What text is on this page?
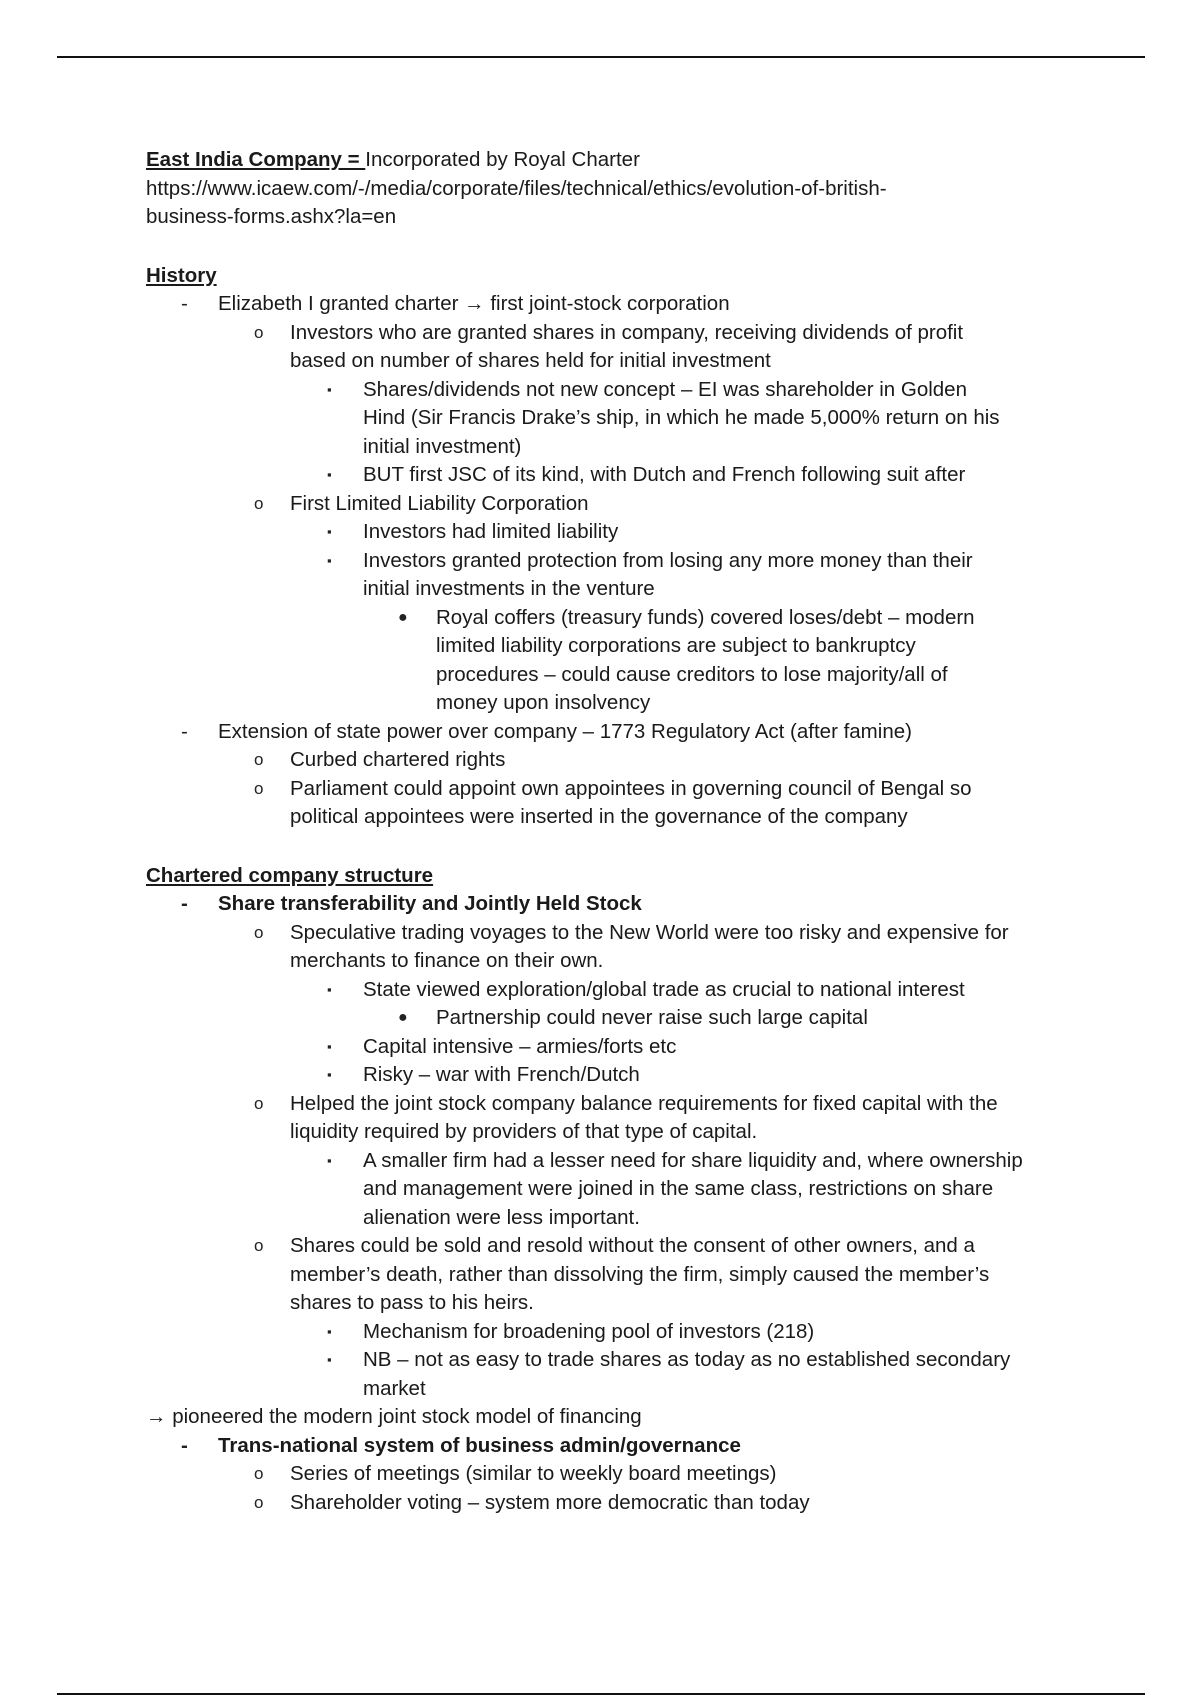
East India Company = Incorporated by Royal Charter
https://www.icaew.com/-/media/corporate/files/technical/ethics/evolution-of-british-
business-forms.ashx?la=en
History
- Elizabeth I granted charter → first joint-stock corporation
o Investors who are granted shares in company, receiving dividends of profit
based on number of shares held for initial investment
▪ Shares/dividends not new concept – EI was shareholder in Golden
Hind (Sir Francis Drake’s ship, in which he made 5,000% return on his
initial investment)
▪ BUT first JSC of its kind, with Dutch and French following suit after
o First Limited Liability Corporation
▪ Investors had limited liability
▪ Investors granted protection from losing any more money than their
initial investments in the venture
● Royal coffers (treasury funds) covered loses/debt – modern
limited liability corporations are subject to bankruptcy
procedures – could cause creditors to lose majority/all of
money upon insolvency
- Extension of state power over company – 1773 Regulatory Act (after famine)
o Curbed chartered rights
o Parliament could appoint own appointees in governing council of Bengal so
political appointees were inserted in the governance of the company
Chartered company structure
- Share transferability and Jointly Held Stock
o Speculative trading voyages to the New World were too risky and expensive for
merchants to finance on their own.
▪ State viewed exploration/global trade as crucial to national interest
● Partnership could never raise such large capital
▪ Capital intensive – armies/forts etc
▪ Risky – war with French/Dutch
o Helped the joint stock company balance requirements for fixed capital with the
liquidity required by providers of that type of capital.
▪ A smaller firm had a lesser need for share liquidity and, where ownership
and management were joined in the same class, restrictions on share
alienation were less important.
o Shares could be sold and resold without the consent of other owners, and a
member’s death, rather than dissolving the firm, simply caused the member’s
shares to pass to his heirs.
▪ Mechanism for broadening pool of investors (218)
▪ NB – not as easy to trade shares as today as no established secondary
market
→ pioneered the modern joint stock model of financing
- Trans-national system of business admin/governance
o Series of meetings (similar to weekly board meetings)
o Shareholder voting – system more democratic than today
